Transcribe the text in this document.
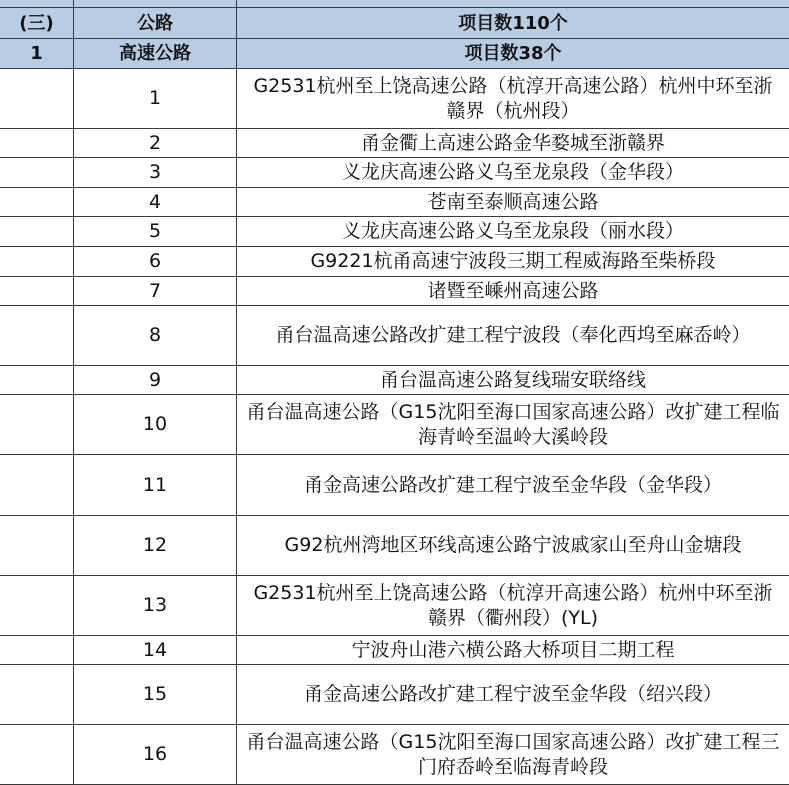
(三)	公路	项目数110个
1	高速公路	项目数38个
	1	G2531杭州至上饶高速公路（杭淳开高速公路）杭州中环至浙赣界（杭州段）
	2	甬金衢上高速公路金华婺城至浙赣界
	3	义龙庆高速公路义乌至龙泉段（金华段）
	4	苍南至泰顺高速公路
	5	义龙庆高速公路义乌至龙泉段（丽水段）
	6	G9221杭甬高速宁波段三期工程威海路至柴桥段
	7	诸暨至嵊州高速公路
	8	甬台温高速公路改扩建工程宁波段（奉化西坞至麻岙岭）
	9	甬台温高速公路复线瑞安联络线
	10	甬台温高速公路（G15沈阳至海口国家高速公路）改扩建工程临海青岭至温岭大溪岭段
	11	甬金高速公路改扩建工程宁波至金华段（金华段）
	12	G92杭州湾地区环线高速公路宁波戚家山至舟山金塘段
	13	G2531杭州至上饶高速公路（杭淳开高速公路）杭州中环至浙赣界（衢州段）(YL)
	14	宁波舟山港六横公路大桥项目二期工程
	15	甬金高速公路改扩建工程宁波至金华段（绍兴段）
	16	甬台温高速公路（G15沈阳至海口国家高速公路）改扩建工程三门府岙岭至临海青岭段
